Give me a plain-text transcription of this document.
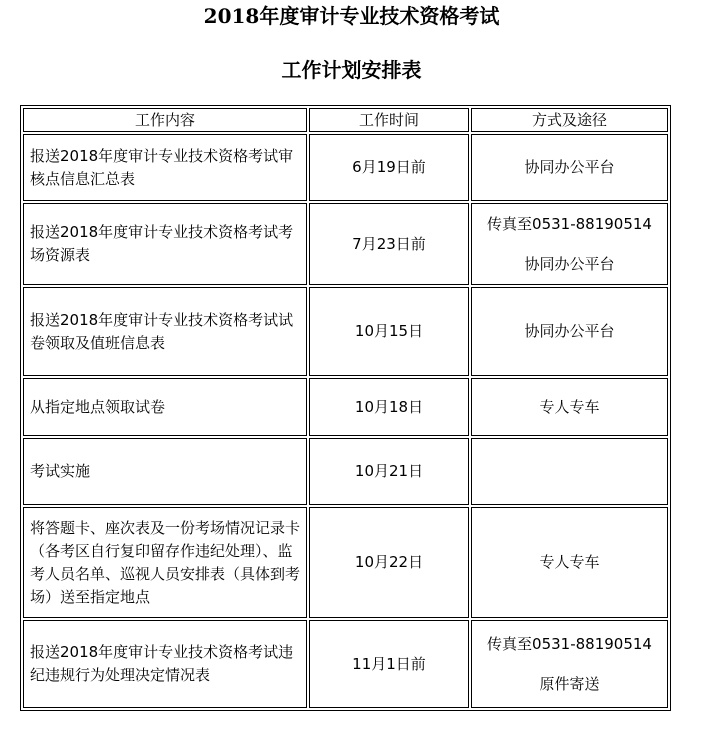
2018年度审计专业技术资格考试
工作计划安排表
工作内容	工作时间	方式及途径
报送2018年度审计专业技术资格考试审核点信息汇总表	6月19日前	协同办公平台

报送2018年度审计专业技术资格考试考场资源表	7月23日前	传真至0531-88190514
协同办公平台

报送2018年度审计专业技术资格考试试卷领取及值班信息表	10月15日	协同办公平台

从指定地点领取试卷	10月18日	专人专车

考试实施	10月21日	
将答题卡、座次表及一份考场情况记录卡（各考区自行复印留存作违纪处理）、监考人员名单、巡视人员安排表（具体到考场）送至指定地点	10月22日	专人专车

报送2018年度审计专业技术资格考试违纪违规行为处理决定情况表	11月1日前	传真至0531-88190514
原件寄送
